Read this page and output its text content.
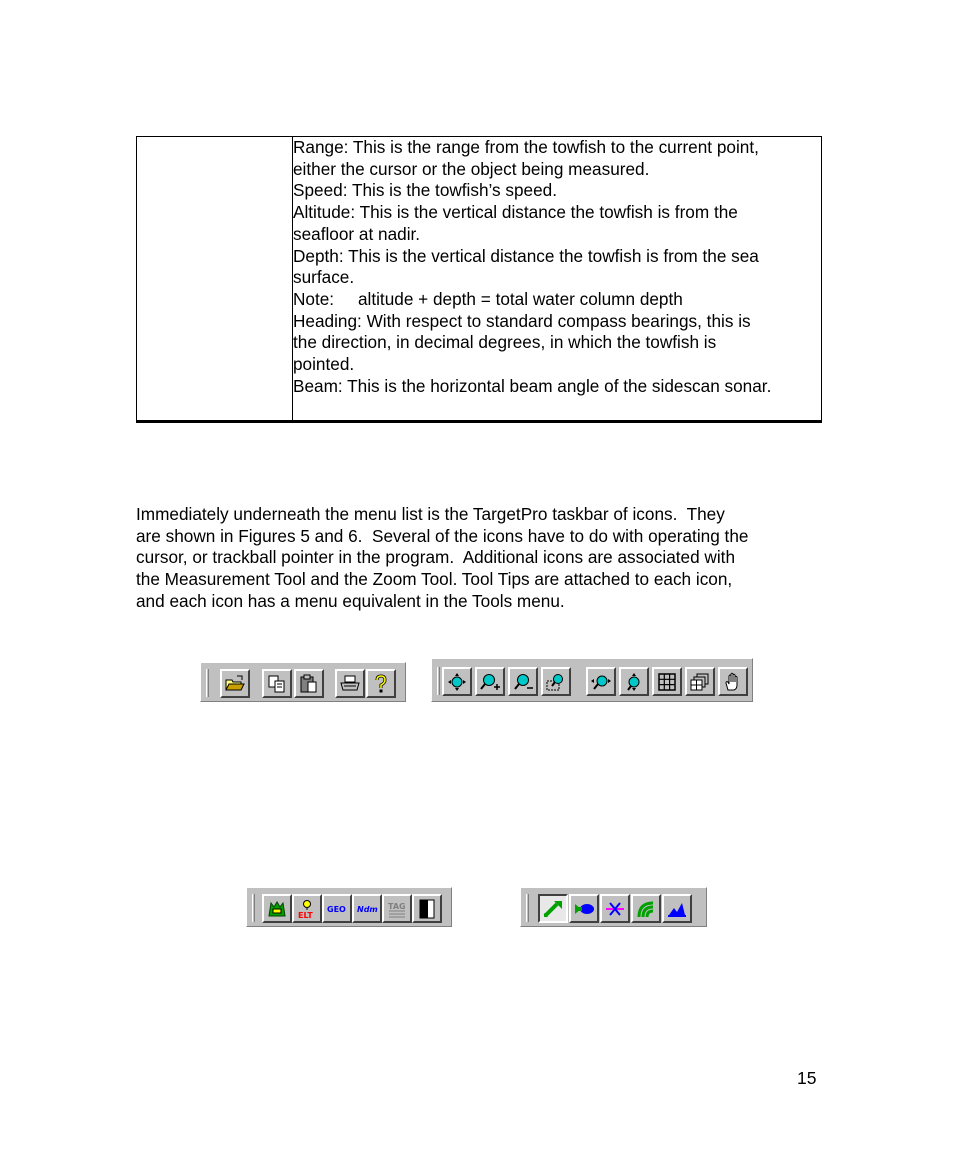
Range: This is the range from the towfish to the current point,
either the cursor or the object being measured.
Speed: This is the towfish’s speed.
Altitude: This is the vertical distance the towfish is from the
seafloor at nadir.
Depth: This is the vertical distance the towfish is from the sea
surface.
Note:     altitude + depth = total water column depth
Heading: With respect to standard compass bearings, this is
the direction, in decimal degrees, in which the towfish is
pointed.
Beam: This is the horizontal beam angle of the sidescan sonar.
Immediately underneath the menu list is the TargetPro taskbar of icons.  They
are shown in Figures 5 and 6.  Several of the icons have to do with operating the
cursor, or trackball pointer in the program.  Additional icons are associated with
the Measurement Tool and the Zoom Tool. Tool Tips are attached to each icon,
and each icon has a menu equivalent in the Tools menu.
ELT
GEO Ndm TAG
15
